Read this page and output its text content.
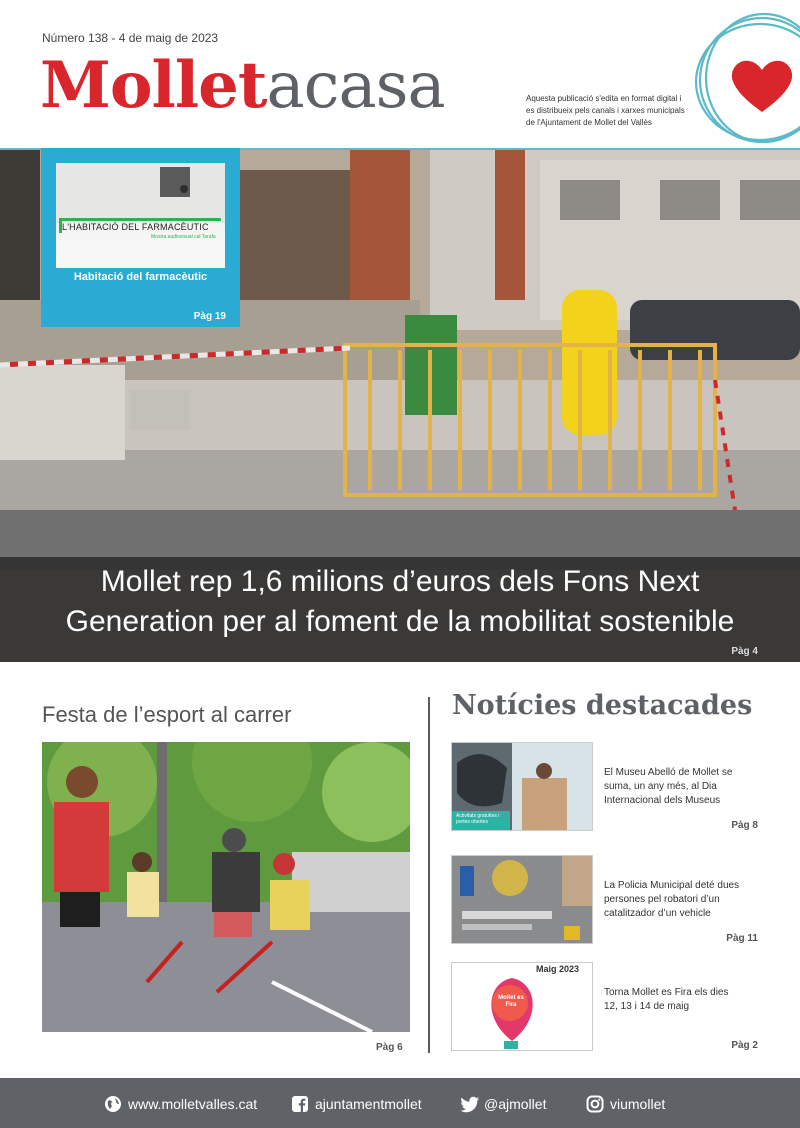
Número 138 - 4 de maig de 2023
Molletacasa	Aquesta publicació s'edita en format digital i es distribueix pels canals i xarxes municipals de l'Ajuntament de Mollet del Vallès
Mollet rep 1,6 milions d’euros dels Fons Next
Generation per al foment de la mobilitat sostenible
Pàg 4
L'HABITACIÓ DEL FARMACÈUTIC
Mostra audiovisual cal Tarafa
Habitació del farmacèutic
Pàg 19
Festa de l’esport al carrer
Pàg 6
Notícies destacades
Activitats gratuïtes i portes obertes
El Museu Abelló de Mollet se suma, un any més, al Dia Internacional dels Museus
Pàg 8
La Policia Municipal deté dues persones pel robatori d’un catalitzador d’un vehicle
Pàg 11
Maig 2023
Mollet es Fira
Torna Mollet es Fira els dies 12, 13 i 14 de maig
Pàg 2
www.molletvalles.cat	ajuntamentmollet	@ajmollet	viumollet
